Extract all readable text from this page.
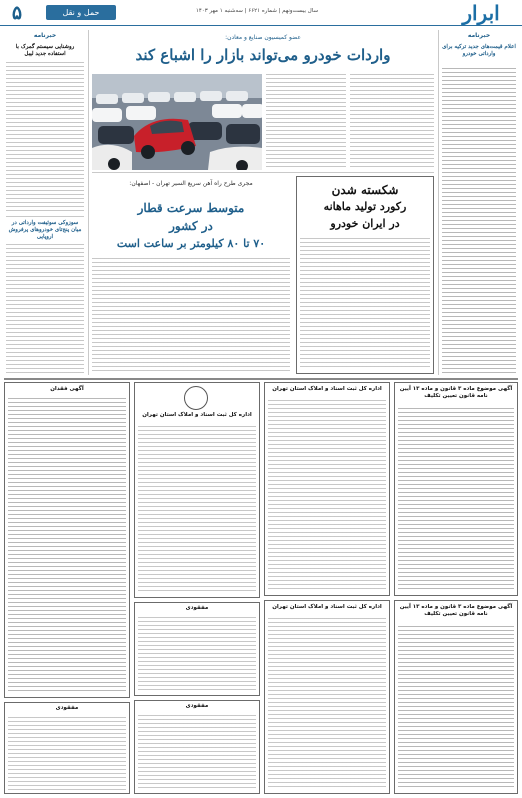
۵	حمل و نقل	سال بیست‌ونهم | شماره ۶۶۲۱ | سه‌شنبه ۱ مهر ۱۴۰۳	ابرار
خبرنامه
روشنایی سیستم گمرک با استفاده جدید لیبل
سوزوکی سوئیفت وارداتی در میان پنج‌تای خودروهای پرفروش اروپایی
خبرنامه
اعلام قیمت‌های جدید ترکیه برای وارداتی خودرو
عضو کمیسیون صنایع و معادن:
واردات خودرو می‌تواند بازار را اشباع کند
مجری طرح راه آهن سریع السیر تهران - اصفهان:
متوسط سرعت قطار
در کشور
۷۰ تا ۸۰ کیلومتر بر ساعت است
شکسته شدن
رکورد تولید ماهانه
در ایران خودرو
آگهی موضوع ماده ۳ قانون و ماده ۱۳ آیین نامه قانون تعیین تکلیف
آگهی موضوع ماده ۳ قانون و ماده ۱۳ آیین نامه قانون تعیین تکلیف
اداره کل ثبت اسناد و املاک استان تهران
اداره کل ثبت اسناد و املاک استان تهران
اداره کل ثبت اسناد و املاک استان تهران
مفقودی
مفقودی
آگهی فقدان
مفقودی
